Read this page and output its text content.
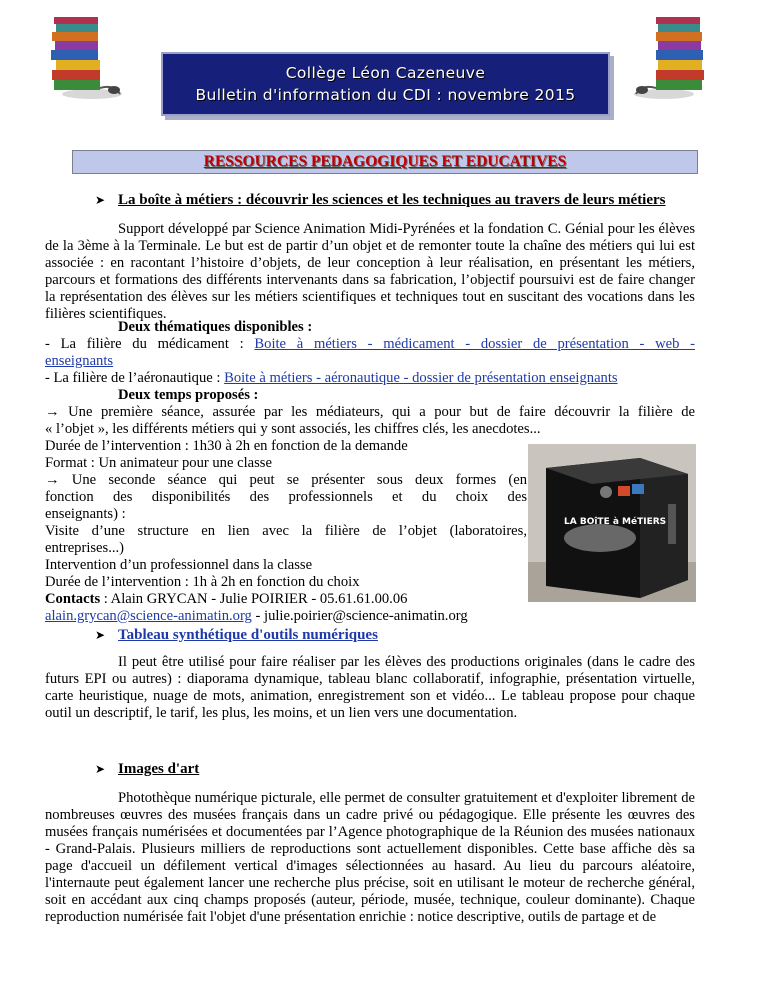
Collège Léon Cazeneuve
Bulletin d'information du CDI : novembre 2015
RESSOURCES PEDAGOGIQUES ET EDUCATIVES
➤ La boîte à métiers : découvrir les sciences et les techniques au travers de leurs métiers
Support développé par Science Animation Midi-Pyrénées et la fondation C. Génial pour les élèves de la 3ème à la Terminale. Le but est de partir d’un objet et de remonter toute la chaîne des métiers qui lui est associée : en racontant l’histoire d’objets, de leur conception à leur réalisation, en présentant les métiers, parcours et formations des différents intervenants dans sa fabrication, l’objectif poursuivi est de faire changer la représentation des élèves sur les métiers scientifiques et techniques tout en suscitant des vocations dans les filières scientifiques.
Deux thématiques disponibles :
- La filière du médicament : Boite à métiers - médicament - dossier de présentation - web -
enseignants
- La filière de l’aéronautique : Boite à métiers - aéronautique - dossier de présentation enseignants
Deux temps proposés :
→ Une première séance, assurée par les médiateurs, qui a pour but de faire découvrir la filière de
« l’objet », les différents métiers qui y sont associés, les chiffres clés, les anecdotes...
Durée de l’intervention : 1h30 à 2h en fonction de la demande
Format : Un animateur pour une classe
→ Une seconde séance qui peut se présenter sous deux formes (en
fonction des disponibilités des professionnels et du choix des
enseignants) :
Visite d’une structure en lien avec la filière de l’objet (laboratoires,
entreprises...)
Intervention d’un professionnel dans la classe
Durée de l’intervention : 1h à 2h en fonction du choix
Contacts : Alain GRYCAN - Julie POIRIER - 05.61.61.00.06
alain.grycan@science-animatin.org - julie.poirier@science-animatin.org
LA BOîTE à MéTIERS
➤ Tableau synthétique d'outils numériques
Il peut être utilisé pour faire réaliser par les élèves des productions originales (dans le cadre des futurs EPI ou autres) : diaporama dynamique, tableau blanc collaboratif, infographie, présentation virtuelle, carte heuristique, nuage de mots, animation, enregistrement son et vidéo... Le tableau propose pour chaque outil un descriptif, le tarif, les plus, les moins, et un lien vers une documentation.
➤ Images d'art
Photothèque numérique picturale, elle permet de consulter gratuitement et d'exploiter librement de nombreuses œuvres des musées français dans un cadre privé ou pédagogique. Elle présente les œuvres des musées français numérisées et documentées par l’Agence photographique de la Réunion des musées nationaux - Grand-Palais. Plusieurs milliers de reproductions sont actuellement disponibles. Cette base affiche dès sa page d'accueil un défilement vertical d'images sélectionnées au hasard. Au lieu du parcours aléatoire, l'internaute peut également lancer une recherche plus précise, soit en utilisant le moteur de recherche général, soit en accédant aux cinq champs proposés (auteur, période, musée, technique, couleur dominante). Chaque reproduction numérisée fait l'objet d'une présentation enrichie : notice descriptive, outils de partage et de
